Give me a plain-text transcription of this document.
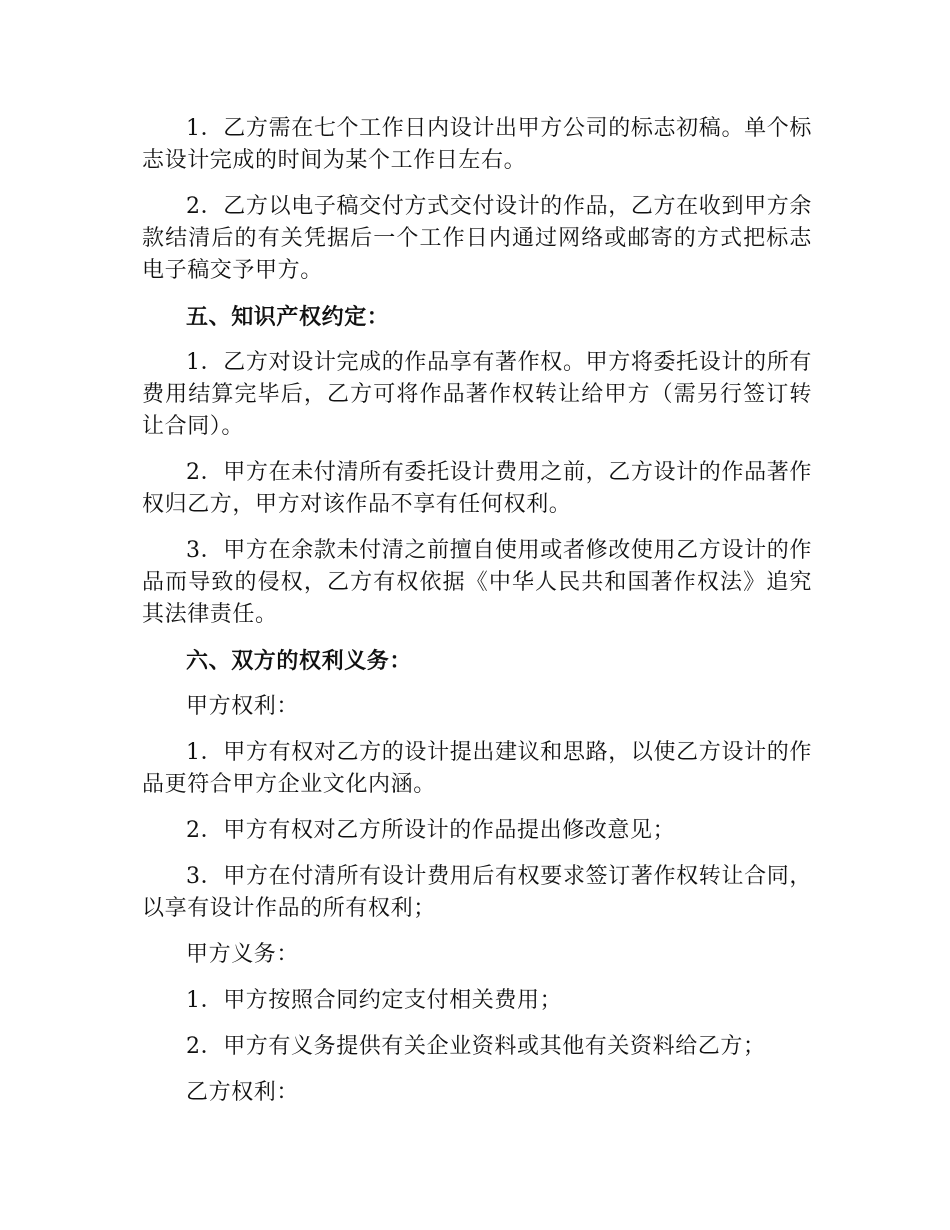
1．乙方需在七个工作日内设计出甲方公司的标志初稿。单个标志设计完成的时间为某个工作日左右。

2．乙方以电子稿交付方式交付设计的作品，乙方在收到甲方余款结清后的有关凭据后一个工作日内通过网络或邮寄的方式把标志电子稿交予甲方。

五、知识产权约定：

1．乙方对设计完成的作品享有著作权。甲方将委托设计的所有费用结算完毕后，乙方可将作品著作权转让给甲方（需另行签订转让合同）。

2．甲方在未付清所有委托设计费用之前，乙方设计的作品著作权归乙方，甲方对该作品不享有任何权利。

3．甲方在余款未付清之前擅自使用或者修改使用乙方设计的作品而导致的侵权，乙方有权依据《中华人民共和国著作权法》追究其法律责任。

六、双方的权利义务：

甲方权利：

1．甲方有权对乙方的设计提出建议和思路，以使乙方设计的作品更符合甲方企业文化内涵。

2．甲方有权对乙方所设计的作品提出修改意见；

3．甲方在付清所有设计费用后有权要求签订著作权转让合同，以享有设计作品的所有权利；

甲方义务：

1．甲方按照合同约定支付相关费用；

2．甲方有义务提供有关企业资料或其他有关资料给乙方；

乙方权利：
